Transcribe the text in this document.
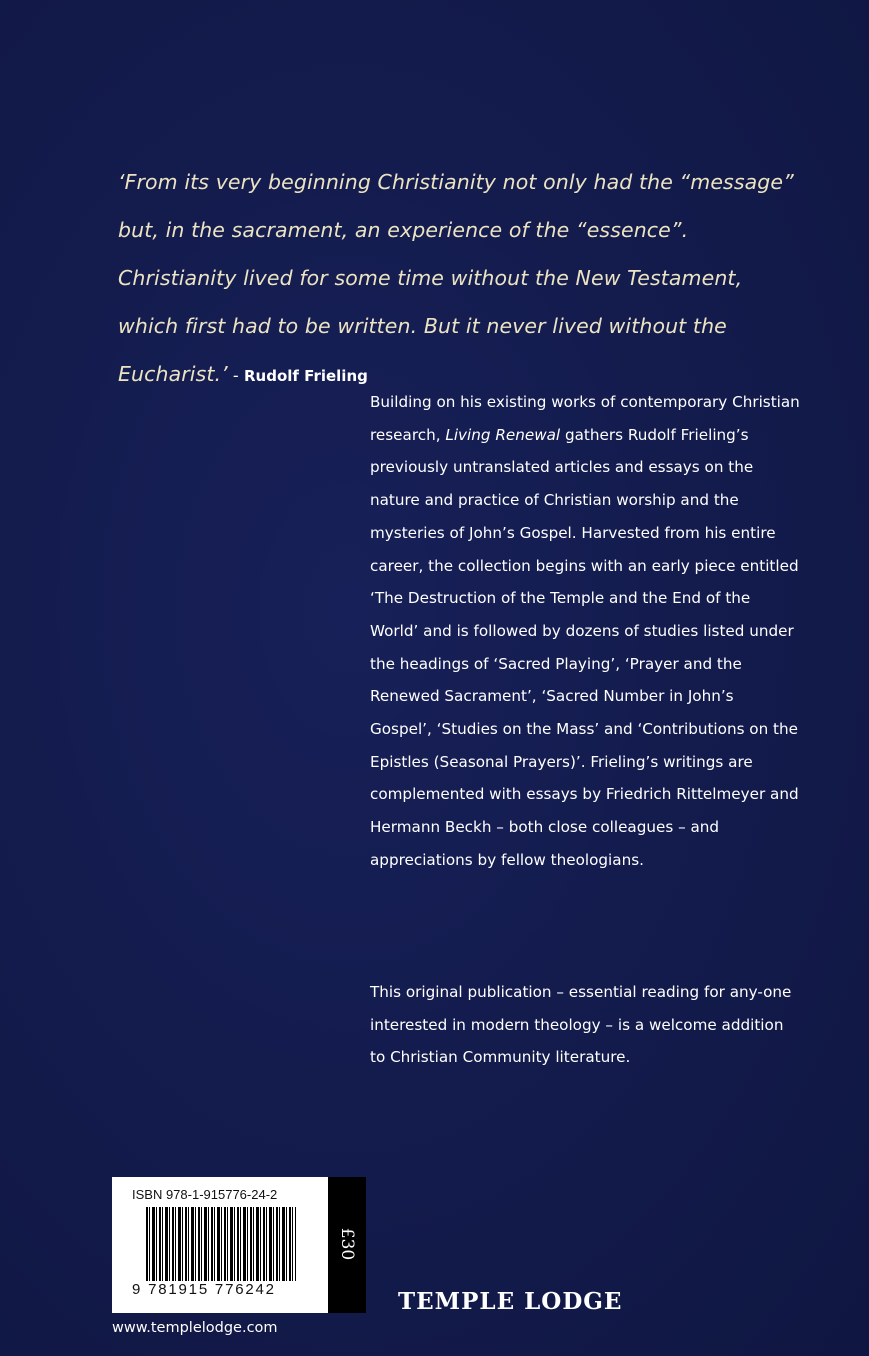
‘From its very beginning Christianity not only had the “message” but, in the sacrament, an experience of the “essence”. Christianity lived for some time without the New Testament, which first had to be written. But it never lived without the Eucharist.’ - Rudolf Frieling

Building on his existing works of contemporary Christian research, Living Renewal gathers Rudolf Frieling’s previously untranslated articles and essays on the nature and practice of Christian worship and the mysteries of John’s Gospel. Harvested from his entire career, the collection begins with an early piece entitled ‘The Destruction of the Temple and the End of the World’ and is followed by dozens of studies listed under the headings of ‘Sacred Playing’, ‘Prayer and the Renewed Sacrament’, ‘Sacred Number in John’s Gospel’, ‘Studies on the Mass’ and ‘Contributions on the Epistles (Seasonal Prayers)’. Frieling’s writings are complemented with essays by Friedrich Rittelmeyer and Hermann Beckh – both close colleagues – and appreciations by fellow theologians.

This original publication – essential reading for any-one interested in modern theology – is a welcome addition to Christian Community literature.

ISBN 978-1-915776-24-2

9 781915 776242

£30

TEMPLE LODGE

www.templelodge.com
